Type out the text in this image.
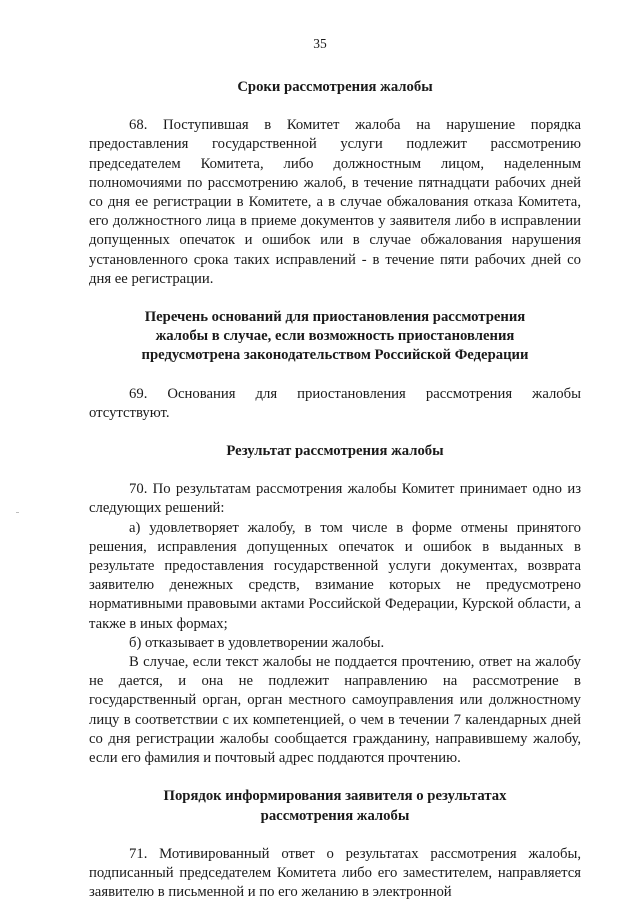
35

Сроки рассмотрения жалобы

68. Поступившая в Комитет жалоба на нарушение порядка предоставления государственной услуги подлежит рассмотрению председателем Комитета, либо должностным лицом, наделенным полномочиями по рассмотрению жалоб, в течение пятнадцати рабочих дней со дня ее регистрации в Комитете, а в случае обжалования отказа Комитета, его должностного лица в приеме документов у заявителя либо в исправлении допущенных опечаток и ошибок или в случае обжалования нарушения установленного срока таких исправлений - в течение пяти рабочих дней со дня ее регистрации.

Перечень оснований для приостановления рассмотрения жалобы в случае, если возможность приостановления предусмотрена законодательством Российской Федерации

69. Основания для приостановления рассмотрения жалобы отсутствуют.

Результат рассмотрения жалобы

70. По результатам рассмотрения жалобы Комитет принимает одно из следующих решений:

а) удовлетворяет жалобу, в том числе в форме отмены принятого решения, исправления допущенных опечаток и ошибок в выданных в результате предоставления государственной услуги документах, возврата заявителю денежных средств, взимание которых не предусмотрено нормативными правовыми актами Российской Федерации, Курской области, а также в иных формах;

б) отказывает в удовлетворении жалобы.

В случае, если текст жалобы не поддается прочтению, ответ на жалобу не дается, и она не подлежит направлению на рассмотрение в государственный орган, орган местного самоуправления или должностному лицу в соответствии с их компетенцией, о чем в течении 7 календарных дней со дня регистрации жалобы сообщается гражданину, направившему жалобу, если его фамилия и почтовый адрес поддаются прочтению.

Порядок информирования заявителя о результатах рассмотрения жалобы

71. Мотивированный ответ о результатах рассмотрения жалобы, подписанный председателем Комитета либо его заместителем, направляется заявителю в письменной и по его желанию в электронной
